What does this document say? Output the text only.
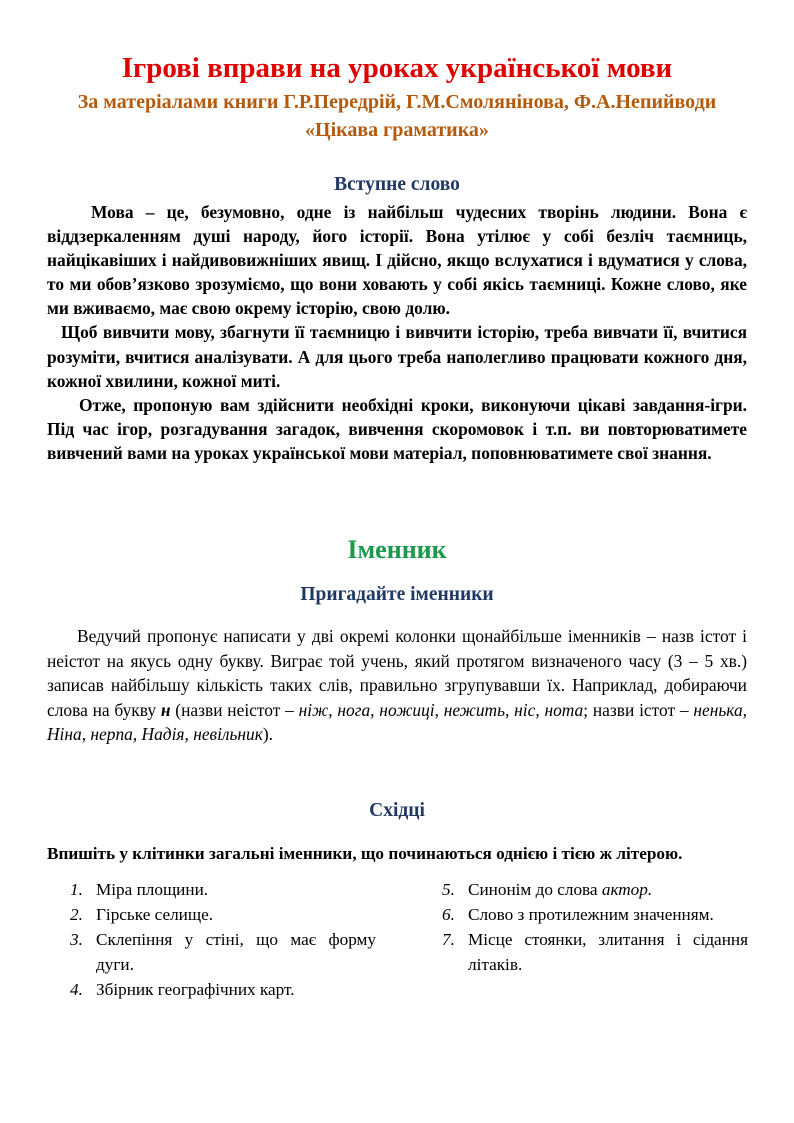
Ігрові вправи на уроках української мови
За матеріалами книги Г.Р.Передрій, Г.М.Смолянінова, Ф.А.Непийводи
«Цікава граматика»
Вступне слово

Мова – це, безумовно, одне із найбільш чудесних творінь людини. Вона є віддзеркаленням душі народу, його історії. Вона утілює у собі безліч таємниць, найцікавіших і найдивовижніших явищ. І дійсно, якщо вслухатися і вдуматися у слова, то ми обов’язково зрозуміємо, що вони ховають у собі якісь таємниці. Кожне слово, яке ми вживаємо, має свою окрему історію, свою долю.

Щоб вивчити мову, збагнути її таємницю і вивчити історію, треба вивчати її, вчитися розуміти, вчитися аналізувати. А для цього треба наполегливо працювати кожного дня, кожної хвилини, кожної миті.

Отже, пропоную вам здійснити необхідні кроки, виконуючи цікаві завдання-ігри. Під час ігор, розгадування загадок, вивчення скоромовок і т.п. ви повторюватимете вивчений вами на уроках української мови матеріал, поповнюватимете свої знання.

Іменник
Пригадайте іменники

Ведучий пропонує написати у дві окремі колонки щонайбільше іменників – назв істот і неістот на якусь одну букву. Виграє той учень, який протягом визначеного часу (3 – 5 хв.) записав найбільшу кількість таких слів, правильно згрупувавши їх. Наприклад, добираючи слова на букву н (назви неістот – ніж, нога, ножиці, нежить, ніс, нота; назви істот – ненька, Ніна, нерпа, Надія, невільник).

Східці
Впишіть у клітинки загальні іменники, що починаються однією і тією ж літерою.
1. Міра площини.
2. Гірське селище.
3. Склепіння у стіні, що має форму дуги.
4. Збірник географічних карт.
5. Синонім до слова актор.
6. Слово з протилежним значенням.
7. Місце стоянки, злитання і сідання літаків.
